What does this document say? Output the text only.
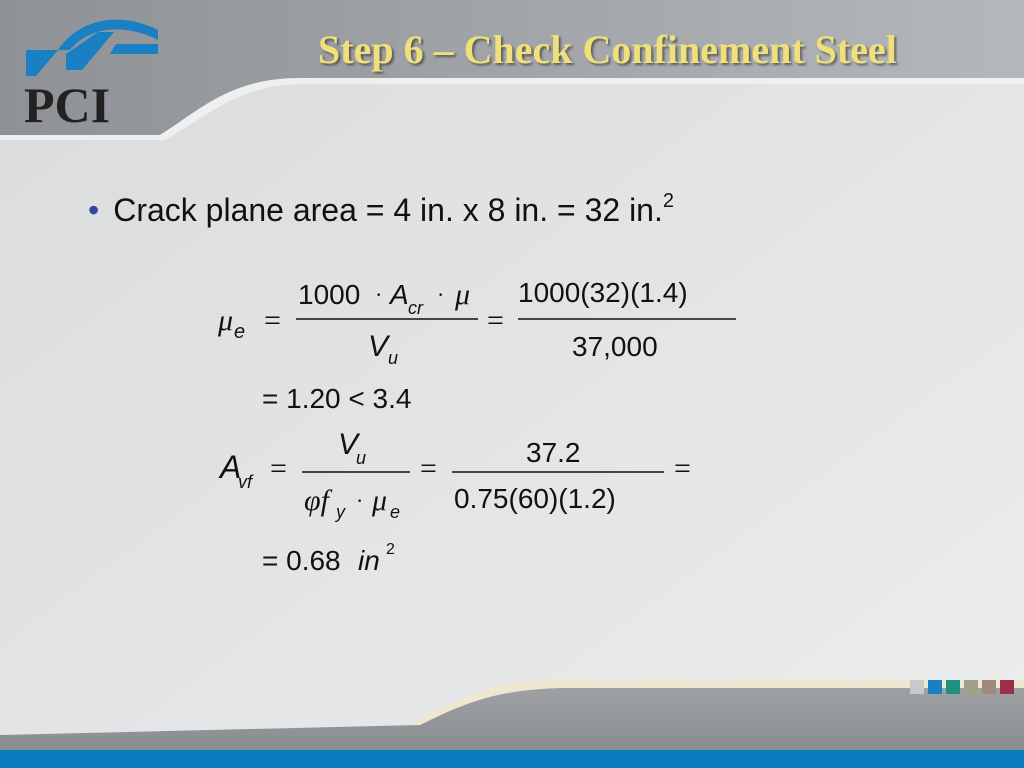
PCI
Step 6 – Check Confinement Steel
• Crack plane area = 4 in. x 8 in. = 32 in.$^2$
μ e =
1000 · A cr
· μ
V u
=
1000(32)(1.4)
37,000
= 1.20 < 3.4
A
vf =
V
u
φf y · μ e
=	37.2
0.75(60)(1.2)
=
= 0.68 in 2
